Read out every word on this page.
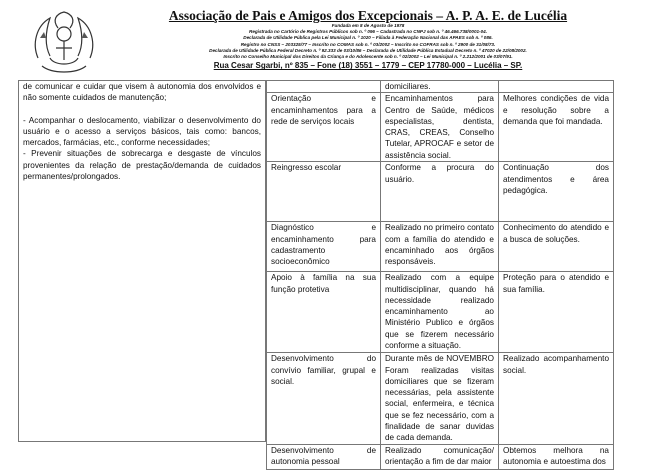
Associação de Pais e Amigos dos Excepcionais – A. P. A. E. de Lucélia
Fundada em 8 de Agosto de 1978
Registrada no Cartório de Registros Públicos sob n. º 096 – Cadastrada no CNPJ sob n. º 46.466.738/0001-04.
Declarada de Utilidade Pública pela Lei Municipal n. º 1020 – Filiada à Federação Nacional das APAES sob n. º 086.
Registro no CNSS – 203325/77 – Inscrito no COMAS sob n. º 03/2002 – Inscrito no COFRAS sob n. º 2900 de 31/08/73.
Declarada de Utilidade Pública Federal Decreto n. º 92.333 de 03/10/86 – Declarada de Utilidade Pública Estadual Decreto n. º 47020 de 22/08/2002.
Inscrito no Conselho Municipal dos Direitos da Criança e do Adolescente sob n. º 02/2002 – Lei Municipal n. º 2.212/2001 de 03/07/91.
Rua Cesar Sgarbi, nº 835 – Fone (18) 3551 – 1779 – CEP 17780-000 – Lucélia – SP.
de comunicar e cuidar que visem à autonomia dos envolvidos e não somente cuidados de manutenção;
- Acompanhar o deslocamento, viabilizar o desenvolvimento do usuário e o acesso a serviços básicos, tais como: bancos, mercados, farmácias, etc., conforme necessidades;
- Prevenir situações de sobrecarga e desgaste de vínculos provenientes da relação de prestação/demanda de cuidados permanentes/prolongados.
	domiciliares.	
Orientação e encaminhamentos para a rede de serviços locais	Encaminhamentos para Centro de Saúde, médicos especialistas, dentista, CRAS, CREAS, Conselho Tutelar, APROCAF e setor de assistência social.	Melhores condições de vida e resolução sobre a demanda que foi mandada.
Reingresso escolar	Conforme a procura do usuário.	Continuação dos atendimentos e área pedagógica.
Diagnóstico e encaminhamento para cadastramento socioeconômico	Realizado no primeiro contato com a família do atendido e encaminhado aos órgãos responsáveis.	Conhecimento do atendido e a busca de soluções.
Apoio à família na sua função protetiva	Realizado com a equipe multidisciplinar, quando há necessidade realizado encaminhamento ao Ministério Publico e órgãos que se fizerem necessário conforme a situação.	Proteção para o atendido e sua família.
Desenvolvimento do convívio familiar, grupal e social.	Durante mês de NOVEMBRO Foram realizadas visitas domiciliares que se fizeram necessárias, pela assistente social, enfermeira, e técnica que se fez necessário, com a finalidade de sanar duvidas de cada demanda.	Realizado acompanhamento social.
Desenvolvimento de autonomia pessoal	Realizado comunicação/ orientação a fim de dar maior	Obtemos melhora na autonomia e autoestima dos
